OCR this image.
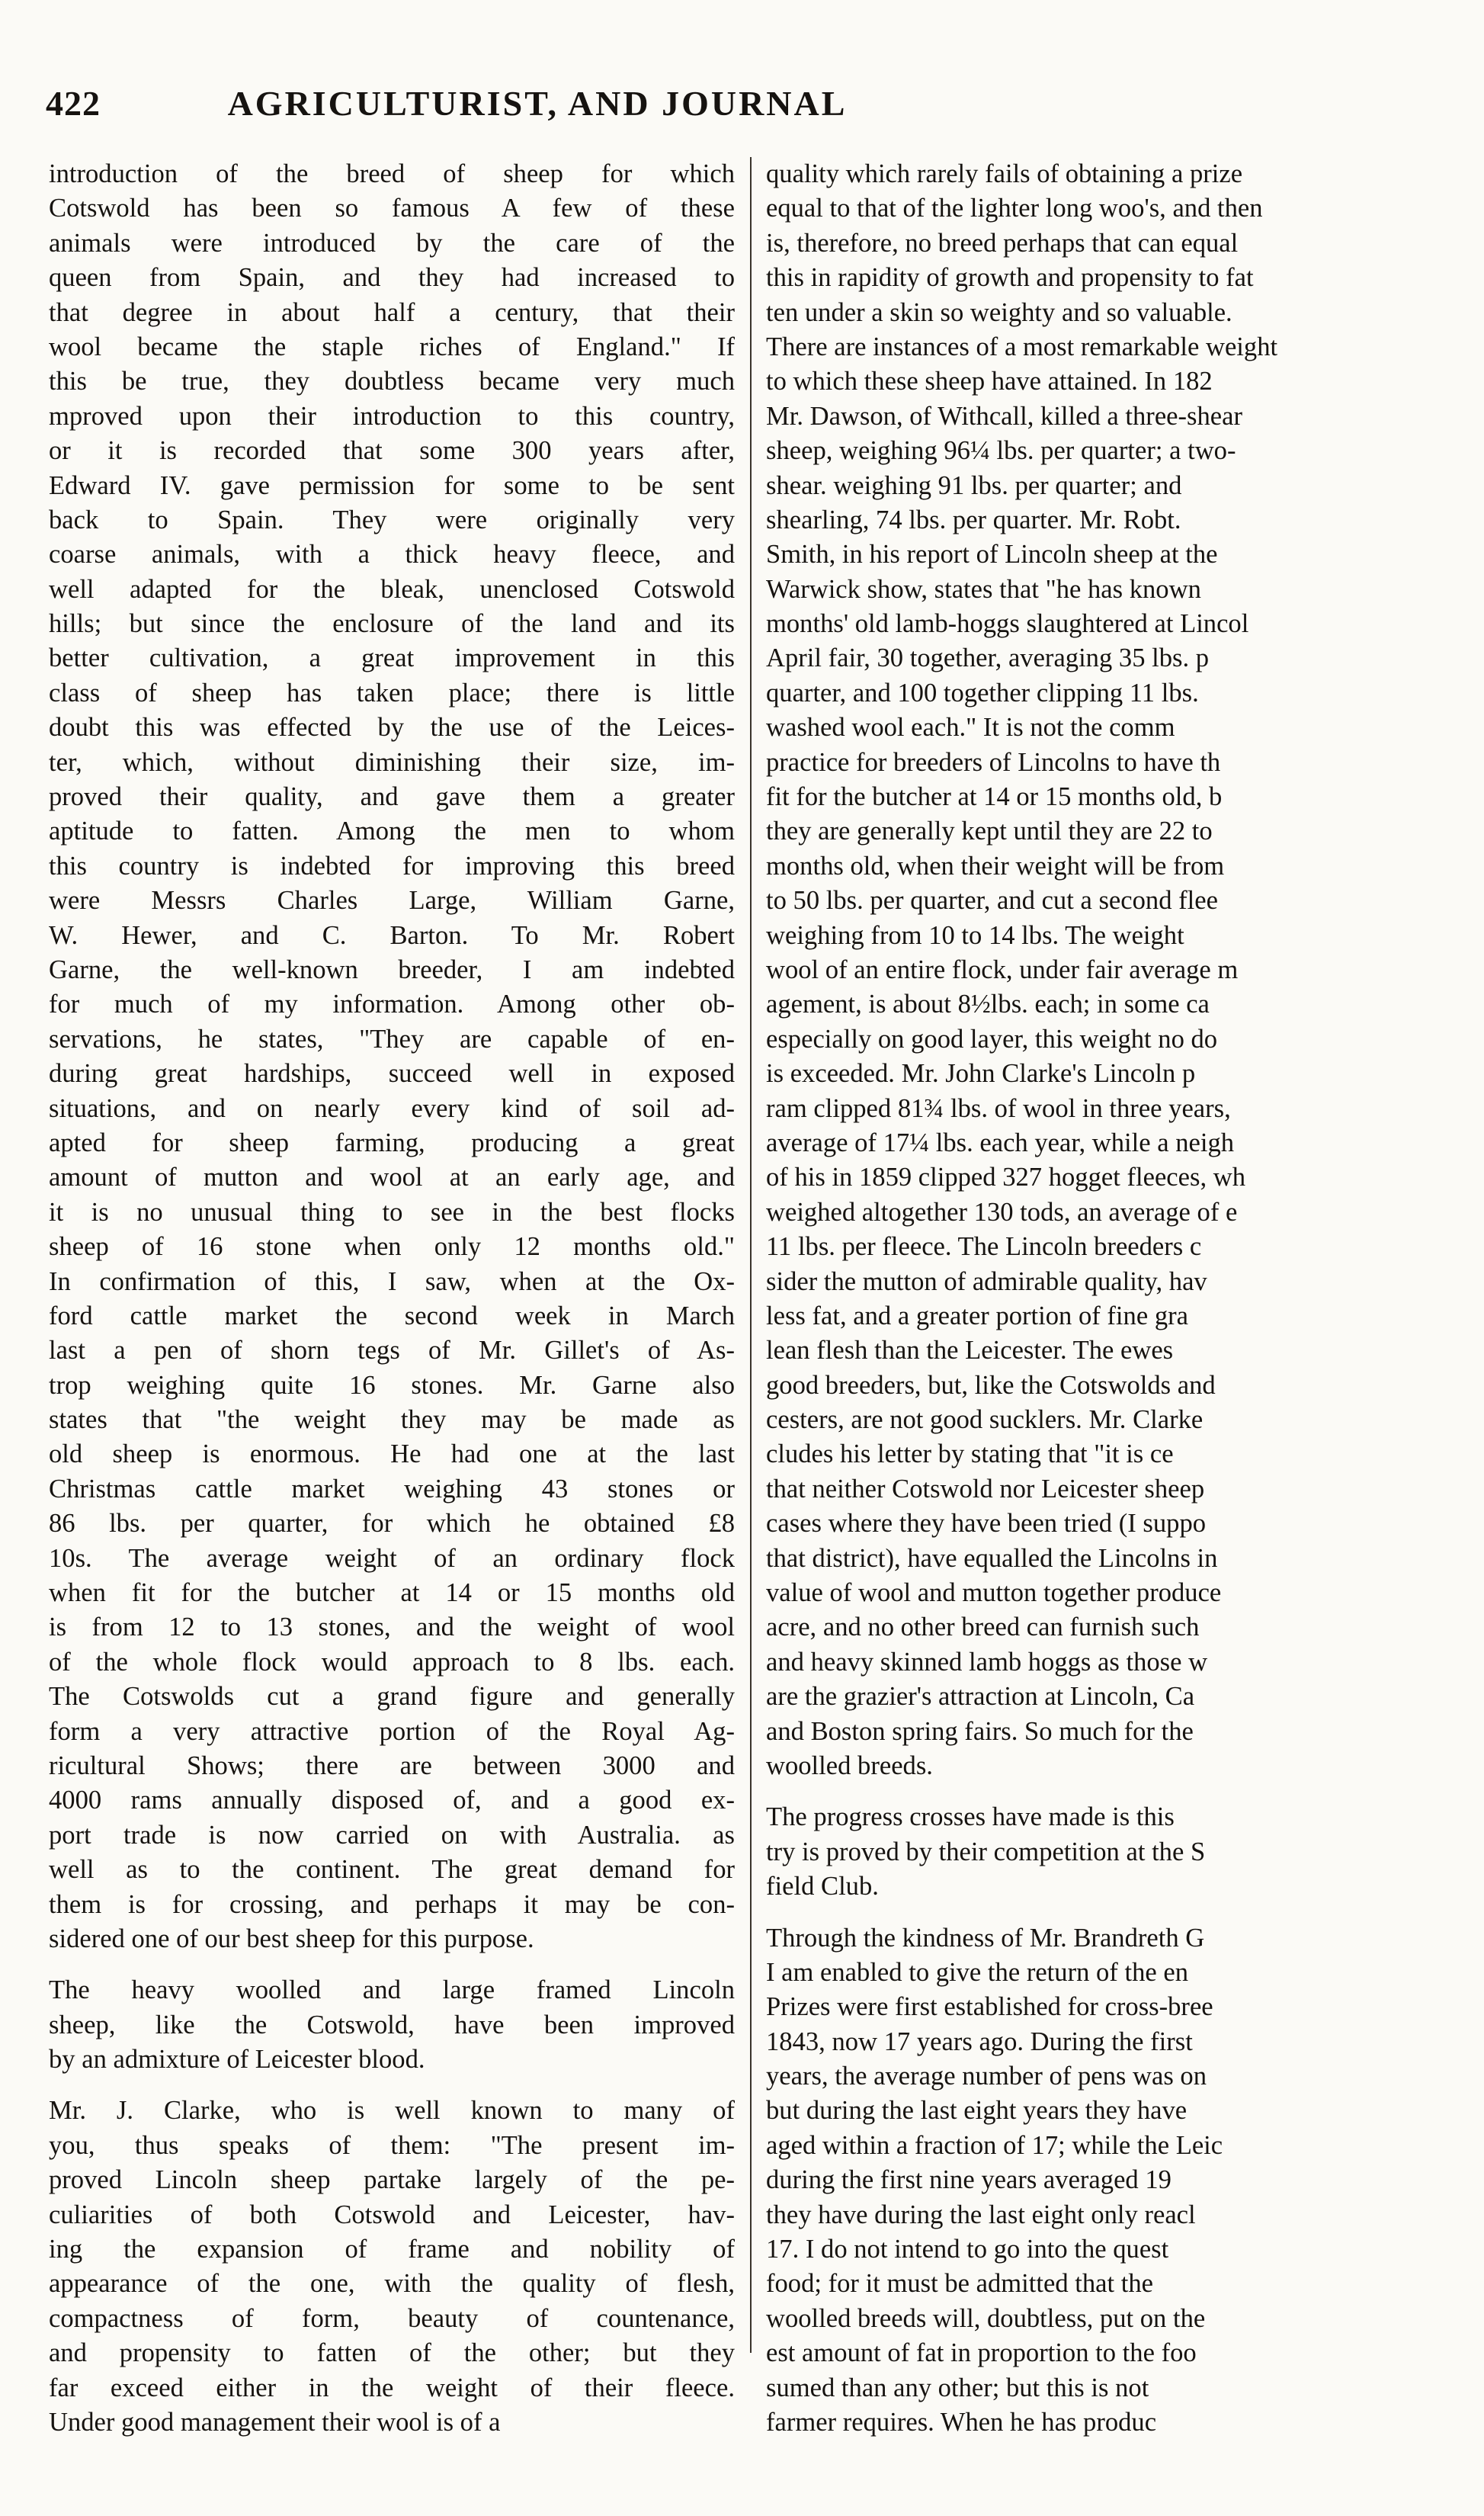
422	AGRICULTURIST, AND JOURNAL
introduction of the breed of sheep for which
Cotswold has been so famous A few of these
animals were introduced by the care of the
queen from Spain, and they had increased to
that degree in about half a century, that their
wool became the staple riches of England." If
this be true, they doubtless became very much
mproved upon their introduction to this country,
or it is recorded that some 300 years after,
Edward IV. gave permission for some to be sent
back to Spain. They were originally very
coarse animals, with a thick heavy fleece, and
well adapted for the bleak, unenclosed Cotswold
hills; but since the enclosure of the land and its
better cultivation, a great improvement in this
class of sheep has taken place; there is little
doubt this was effected by the use of the Leices-
ter, which, without diminishing their size, im-
proved their quality, and gave them a greater
aptitude to fatten. Among the men to whom
this country is indebted for improving this breed
were Messrs Charles Large, William Garne,
W. Hewer, and C. Barton. To Mr. Robert
Garne, the well-known breeder, I am indebted
for much of my information. Among other ob-
servations, he states, "They are capable of en-
during great hardships, succeed well in exposed
situations, and on nearly every kind of soil ad-
apted for sheep farming, producing a great
amount of mutton and wool at an early age, and
it is no unusual thing to see in the best flocks
sheep of 16 stone when only 12 months old."
In confirmation of this, I saw, when at the Ox-
ford cattle market the second week in March
last a pen of shorn tegs of Mr. Gillet's of As-
trop weighing quite 16 stones. Mr. Garne also
states that "the weight they may be made as
old sheep is enormous. He had one at the last
Christmas cattle market weighing 43 stones or
86 lbs. per quarter, for which he obtained £8
10s. The average weight of an ordinary flock
when fit for the butcher at 14 or 15 months old
is from 12 to 13 stones, and the weight of wool
of the whole flock would approach to 8 lbs. each.
The Cotswolds cut a grand figure and generally
form a very attractive portion of the Royal Ag-
ricultural Shows; there are between 3000 and
4000 rams annually disposed of, and a good ex-
port trade is now carried on with Australia. as
well as to the continent. The great demand for
them is for crossing, and perhaps it may be con-
sidered one of our best sheep for this purpose.
The heavy woolled and large framed Lincoln
sheep, like the Cotswold, have been improved
by an admixture of Leicester blood.
Mr. J. Clarke, who is well known to many of
you, thus speaks of them: "The present im-
proved Lincoln sheep partake largely of the pe-
culiarities of both Cotswold and Leicester, hav-
ing the expansion of frame and nobility of
appearance of the one, with the quality of flesh,
compactness of form, beauty of countenance,
and propensity to fatten of the other; but they
far exceed either in the weight of their fleece.
Under good management their wool is of a
quality which rarely fails of obtaining a prize
equal to that of the lighter long woo's, and then
is, therefore, no breed perhaps that can equal
this in rapidity of growth and propensity to fat
ten under a skin so weighty and so valuable.
There are instances of a most remarkable weight
to which these sheep have attained. In 182
Mr. Dawson, of Withcall, killed a three-shear
sheep, weighing 96¼ lbs. per quarter; a two-
shear. weighing 91 lbs. per quarter; and
shearling, 74 lbs. per quarter. Mr. Robt.
Smith, in his report of Lincoln sheep at the
Warwick show, states that "he has known
months' old lamb-hoggs slaughtered at Lincol
April fair, 30 together, averaging 35 lbs. p
quarter, and 100 together clipping 11 lbs.
washed wool each." It is not the comm
practice for breeders of Lincolns to have th
fit for the butcher at 14 or 15 months old, b
they are generally kept until they are 22 to
months old, when their weight will be from
to 50 lbs. per quarter, and cut a second flee
weighing from 10 to 14 lbs. The weight
wool of an entire flock, under fair average m
agement, is about 8½lbs. each; in some ca
especially on good layer, this weight no do
is exceeded. Mr. John Clarke's Lincoln p
ram clipped 81¾ lbs. of wool in three years,
average of 17¼ lbs. each year, while a neigh
of his in 1859 clipped 327 hogget fleeces, wh
weighed altogether 130 tods, an average of e
11 lbs. per fleece. The Lincoln breeders c
sider the mutton of admirable quality, hav
less fat, and a greater portion of fine gra
lean flesh than the Leicester. The ewes
good breeders, but, like the Cotswolds and
cesters, are not good sucklers. Mr. Clarke
cludes his letter by stating that "it is ce
that neither Cotswold nor Leicester sheep
cases where they have been tried (I suppo
that district), have equalled the Lincolns in
value of wool and mutton together produce
acre, and no other breed can furnish such
and heavy skinned lamb hoggs as those w
are the grazier's attraction at Lincoln, Ca
and Boston spring fairs. So much for the
woolled breeds.
The progress crosses have made is this
try is proved by their competition at the S
field Club.
Through the kindness of Mr. Brandreth G
I am enabled to give the return of the en
Prizes were first established for cross-bree
1843, now 17 years ago. During the first
years, the average number of pens was on
but during the last eight years they have
aged within a fraction of 17; while the Leic
during the first nine years averaged 19
they have during the last eight only reacl
17. I do not intend to go into the quest
food; for it must be admitted that the
woolled breeds will, doubtless, put on the
est amount of fat in proportion to the foo
sumed than any other; but this is not
farmer requires. When he has produc
